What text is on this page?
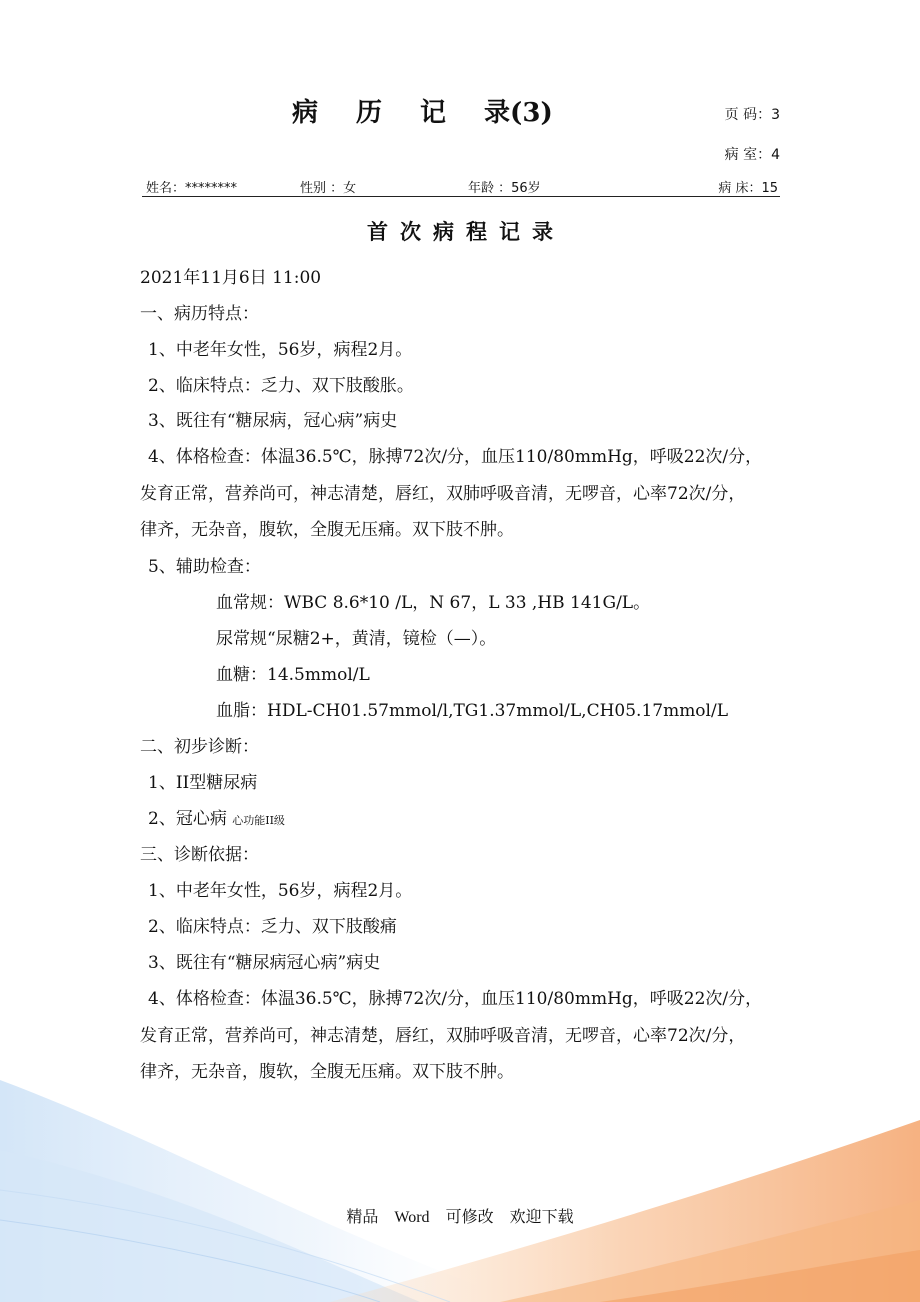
病 历 记 录(3)	页 码：3
病 室：4
姓名：********	性别 ：女	年龄 ：56岁	病 床：15
首次病程记录
2021年11月6日 11:00
一、病历特点：
1、中老年女性，56岁，病程2月。
2、临床特点：乏力、双下肢酸胀。
3、既往有“糖尿病，冠心病”病史
4、体格检查：体温36.5℃，脉搏72次/分，血压110/80mmHg，呼吸22次/分，
发育正常，营养尚可，神志清楚，唇红，双肺呼吸音清，无啰音，心率72次/分，
律齐，无杂音，腹软，全腹无压痛。双下肢不肿。
5、辅助检查：
血常规：WBC 8.6*10 /L，N 67，L 33 ,HB 141G/L。
尿常规“尿糖2+，黄清，镜检（—）。
血糖：14.5mmol/L
血脂：HDL-CH01.57mmol/l,TG1.37mmol/L,CH05.17mmol/L
二、初步诊断：
1、II型糖尿病
2、冠心病 心功能II级
三、诊断依据：
1、中老年女性，56岁，病程2月。
2、临床特点：乏力、双下肢酸痛
3、既往有“糖尿病冠心病”病史
4、体格检查：体温36.5℃，脉搏72次/分，血压110/80mmHg，呼吸22次/分，
发育正常，营养尚可，神志清楚，唇红，双肺呼吸音清，无啰音，心率72次/分，
律齐，无杂音，腹软，全腹无压痛。双下肢不肿。
精品 Word 可修改 欢迎下载
